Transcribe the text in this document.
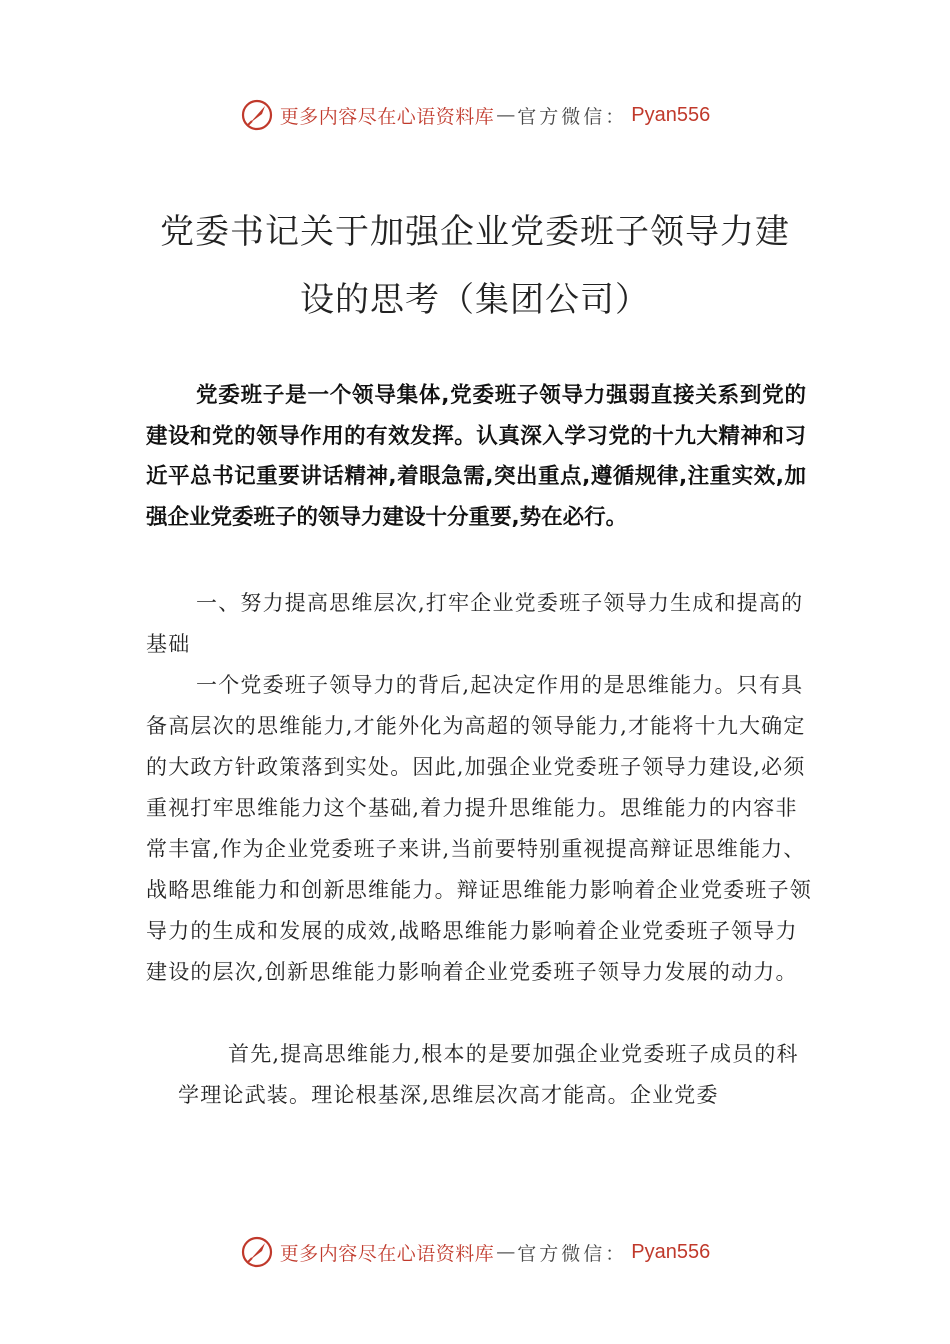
更多内容尽在心语资料库 — 官方微信： Pyan556
党委书记关于加强企业党委班子领导力建
设的思考（集团公司）
党委班子是一个领导集体,党委班子领导力强弱直接关系到党的建设和党的领导作用的有效发挥。认真深入学习党的十九大精神和习近平总书记重要讲话精神,着眼急需,突出重点,遵循规律,注重实效,加强企业党委班子的领导力建设十分重要,势在必行。

一、努力提高思维层次,打牢企业党委班子领导力生成和提高的基础

一个党委班子领导力的背后,起决定作用的是思维能力。只有具备高层次的思维能力,才能外化为高超的领导能力,才能将十九大确定的大政方针政策落到实处。因此,加强企业党委班子领导力建设,必须重视打牢思维能力这个基础,着力提升思维能力。思维能力的内容非常丰富,作为企业党委班子来讲,当前要特别重视提高辩证思维能力、战略思维能力和创新思维能力。辩证思维能力影响着企业党委班子领导力的生成和发展的成效,战略思维能力影响着企业党委班子领导力建设的层次,创新思维能力影响着企业党委班子领导力发展的动力。

首先,提高思维能力,根本的是要加强企业党委班子成员的科学理论武装。理论根基深,思维层次高才能高。企业党委

更多内容尽在心语资料库 — 官方微信： Pyan556
